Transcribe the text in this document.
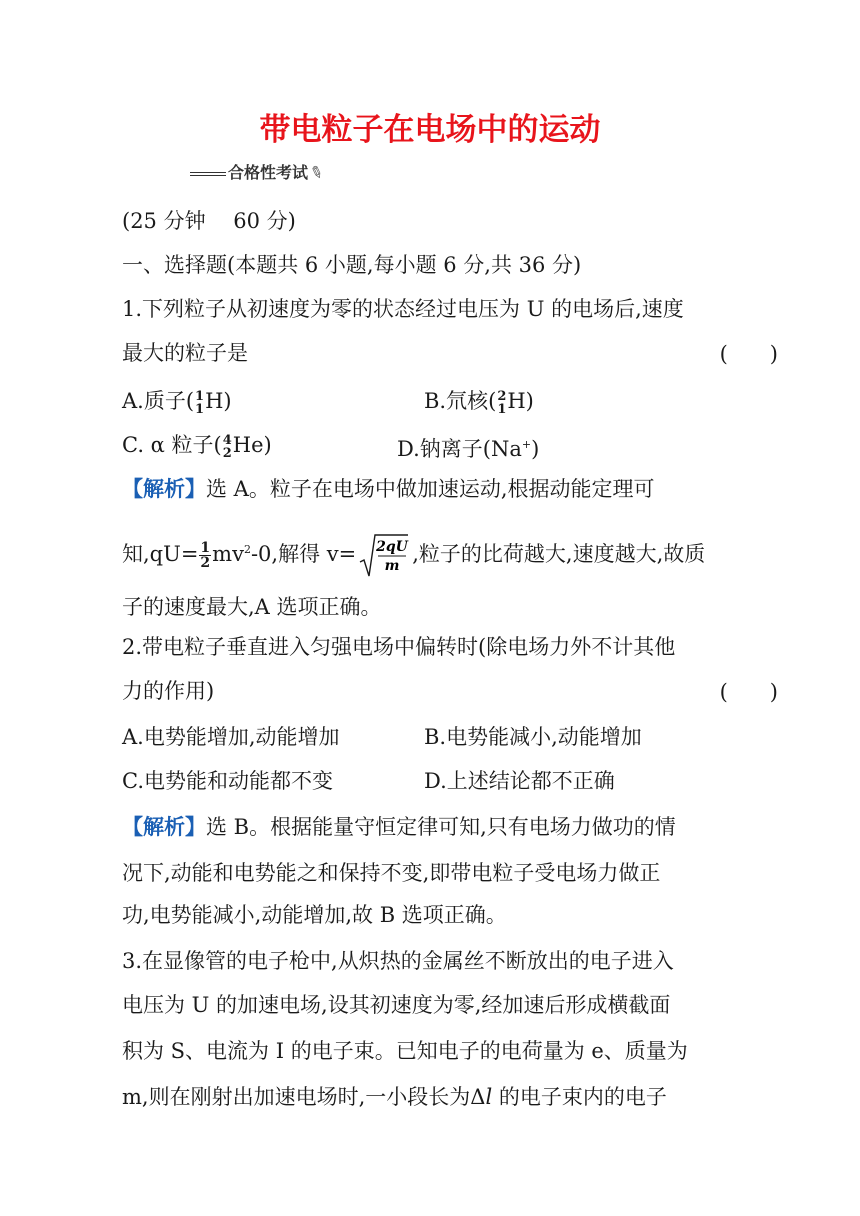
带电粒子在电场中的运动
合格性考试✎
(25 分钟　 60 分)
一、选择题(本题共 6 小题,每小题 6 分,共 36 分)
1.下列粒子从初速度为零的状态经过电压为 U 的电场后,速度
最大的粒子是	(　　)
A.质子( 1
1 H)	B.氘核( 2
1 H)
C. α 粒子( 4
2 He)	D.钠离子(Na+)
【解析】选 A。粒子在电场中做加速运动,根据动能定理可
知$,qU= \frac{1}{2} mv^2-0$,解得 v= 2qU
m ,粒子的比荷越大,速度越大,故质
子的速度最大,A 选项正确。
2.带电粒子垂直进入匀强电场中偏转时(除电场力外不计其他
力的作用)	(　　)
A.电势能增加,动能增加	B.电势能减小,动能增加
C.电势能和动能都不变	D.上述结论都不正确
【解析】选 B。根据能量守恒定律可知,只有电场力做功的情
况下,动能和电势能之和保持不变,即带电粒子受电场力做正
功,电势能减小,动能增加,故 B 选项正确。
3.在显像管的电子枪中,从炽热的金属丝不断放出的电子进入
电压为 U 的加速电场,设其初速度为零,经加速后形成横截面
积为 S、电流为 I 的电子束。已知电子的电荷量为 e、质量为
m,则在刚射出加速电场时,一小段长为Δl 的电子束内的电子
